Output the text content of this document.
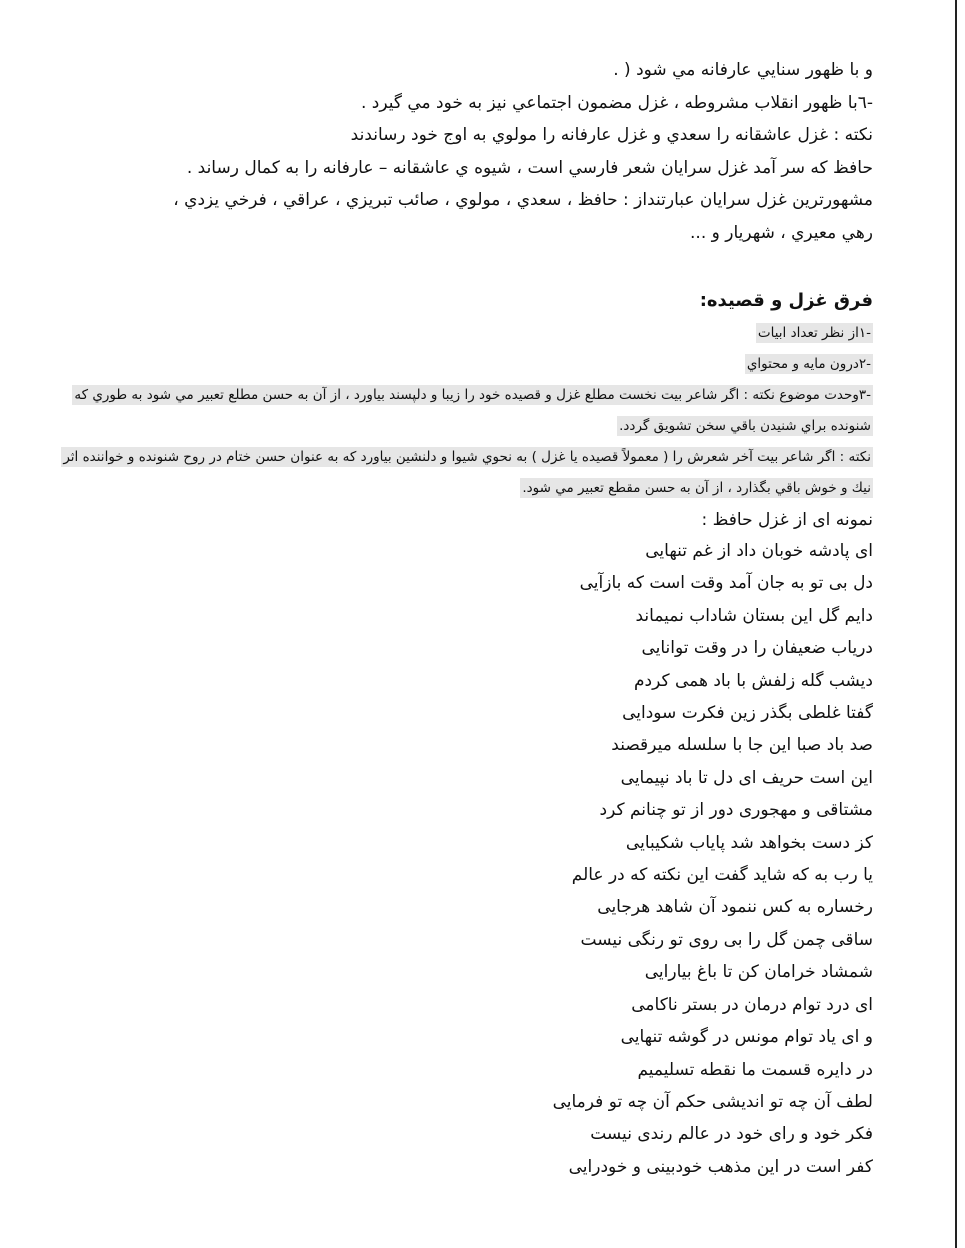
و با ظهور سنايي عارفانه مي شود ( .

-٦با ظهور انقلاب مشروطه ، غزل مضمون اجتماعي نيز به خود مي گيرد .

نكته : غزل عاشقانه را سعدي و غزل عارفانه را مولوي به اوج خود رساندند

حافظ كه سر آمد غزل سرايان شعر فارسي است ، شيوه ي عاشقانه – عارفانه را به كمال رساند .

مشهورترين غزل سرايان عبارتنداز : حافظ ، سعدي ، مولوي ، صائب تبريزي ، عراقي ، فرخي يزدي ،

رهي معيري ، شهريار و ...

فرق غزل و قصيده:

-١از نظر تعداد ابيات

-٢درون مايه و محتواي

-٣وحدت موضوع نكته : اگر شاعر بيت نخست مطلع غزل و قصيده خود را زيبا و دلپسند بياورد ، از آن به حسن مطلع تعبير مي شود به طوري كه شنونده براي شنيدن باقي سخن تشويق گردد.

نكته : اگر شاعر بيت آخر شعرش را ( معمولاً قصيده يا غزل ) به نحوي شيوا و دلنشين بياورد كه به عنوان حسن ختام در روح شنونده و خواننده اثر نيك و خوش باقي بگذارد ، از آن به حسن مقطع تعبير مي شود.

نمونه ای از غزل حافظ :

ای پادشه خوبان داد از غم تنهایی
دل بی تو به جان آمد وقت است که بازآیی
دایم گل این بستان شاداب نمیماند
دریاب ضعیفان را در وقت توانایی
دیشب گله زلفش با باد همی کردم
گفتا غلطی بگذر زین فکرت سودایی
صد باد صبا این جا با سلسله میرقصند
این است حریف ای دل تا باد نپیمایی
مشتاقی و مهجوری دور از تو چنانم کرد
کز دست بخواهد شد پایاب شکیبایی
یا رب به که شاید گفت این نکته که در عالم
رخساره به کس ننمود آن شاهد هرجایی
ساقی چمن گل را بی روی تو رنگی نیست
شمشاد خرامان کن تا باغ بیارایی
ای درد توام درمان در بستر ناکامی
و ای یاد توام مونس در گوشه تنهایی
در دایره قسمت ما نقطه تسلیمیم
لطف آن چه تو اندیشی حکم آن چه تو فرمایی
فکر خود و رای خود در عالم رندی نیست
کفر است در این مذهب خودبینی و خودرایی
